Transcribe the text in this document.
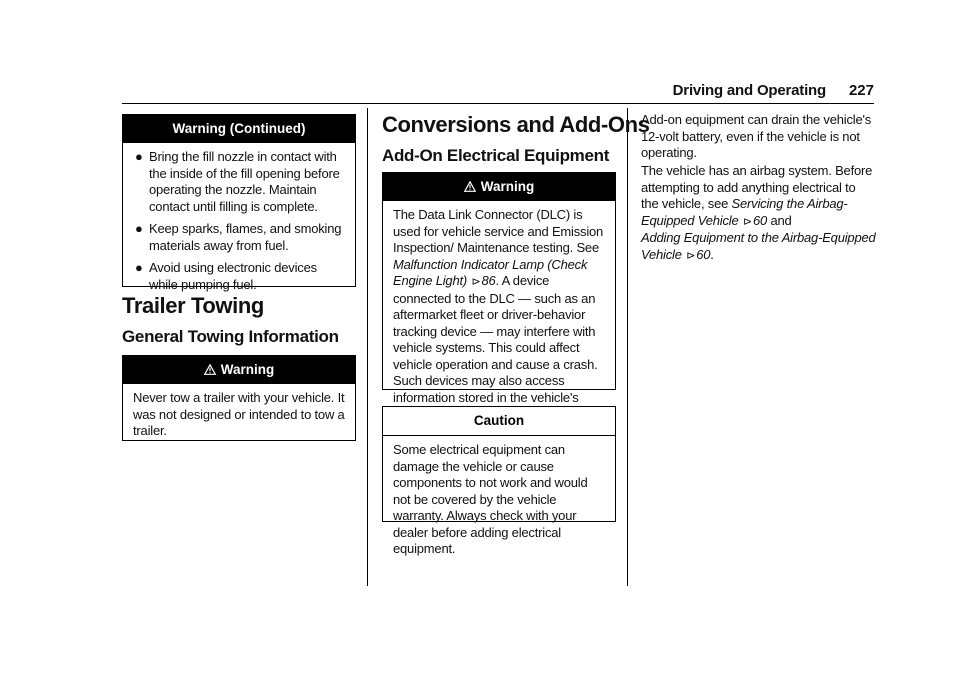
Driving and Operating 227
Warning (Continued)
● Bring the fill nozzle in contact with the inside of the fill opening before operating the nozzle. Maintain contact until filling is complete.
● Keep sparks, flames, and smoking materials away from fuel.
● Avoid using electronic devices while pumping fuel.
Trailer Towing
General Towing Information
Warning
Never tow a trailer with your vehicle. It was not designed or intended to tow a trailer.
Conversions and Add-Ons
Add-On Electrical Equipment
Warning
The Data Link Connector (DLC) is used for vehicle service and Emission Inspection/ Maintenance testing. See Malfunction Indicator Lamp (Check Engine Light) ⊳86. A device connected to the DLC — such as an aftermarket fleet or driver-behavior tracking device — may interfere with vehicle systems. This could affect vehicle operation and cause a crash. Such devices may also access information stored in the vehicle's
Caution
Some electrical equipment can damage the vehicle or cause components to not work and would not be covered by the vehicle warranty. Always check with your dealer before adding electrical equipment.
Add-on equipment can drain the vehicle's 12-volt battery, even if the vehicle is not operating.
The vehicle has an airbag system. Before attempting to add anything electrical to the vehicle, see Servicing the Airbag-Equipped Vehicle ⊳60 and
Adding Equipment to the Airbag-Equipped Vehicle ⊳60.
